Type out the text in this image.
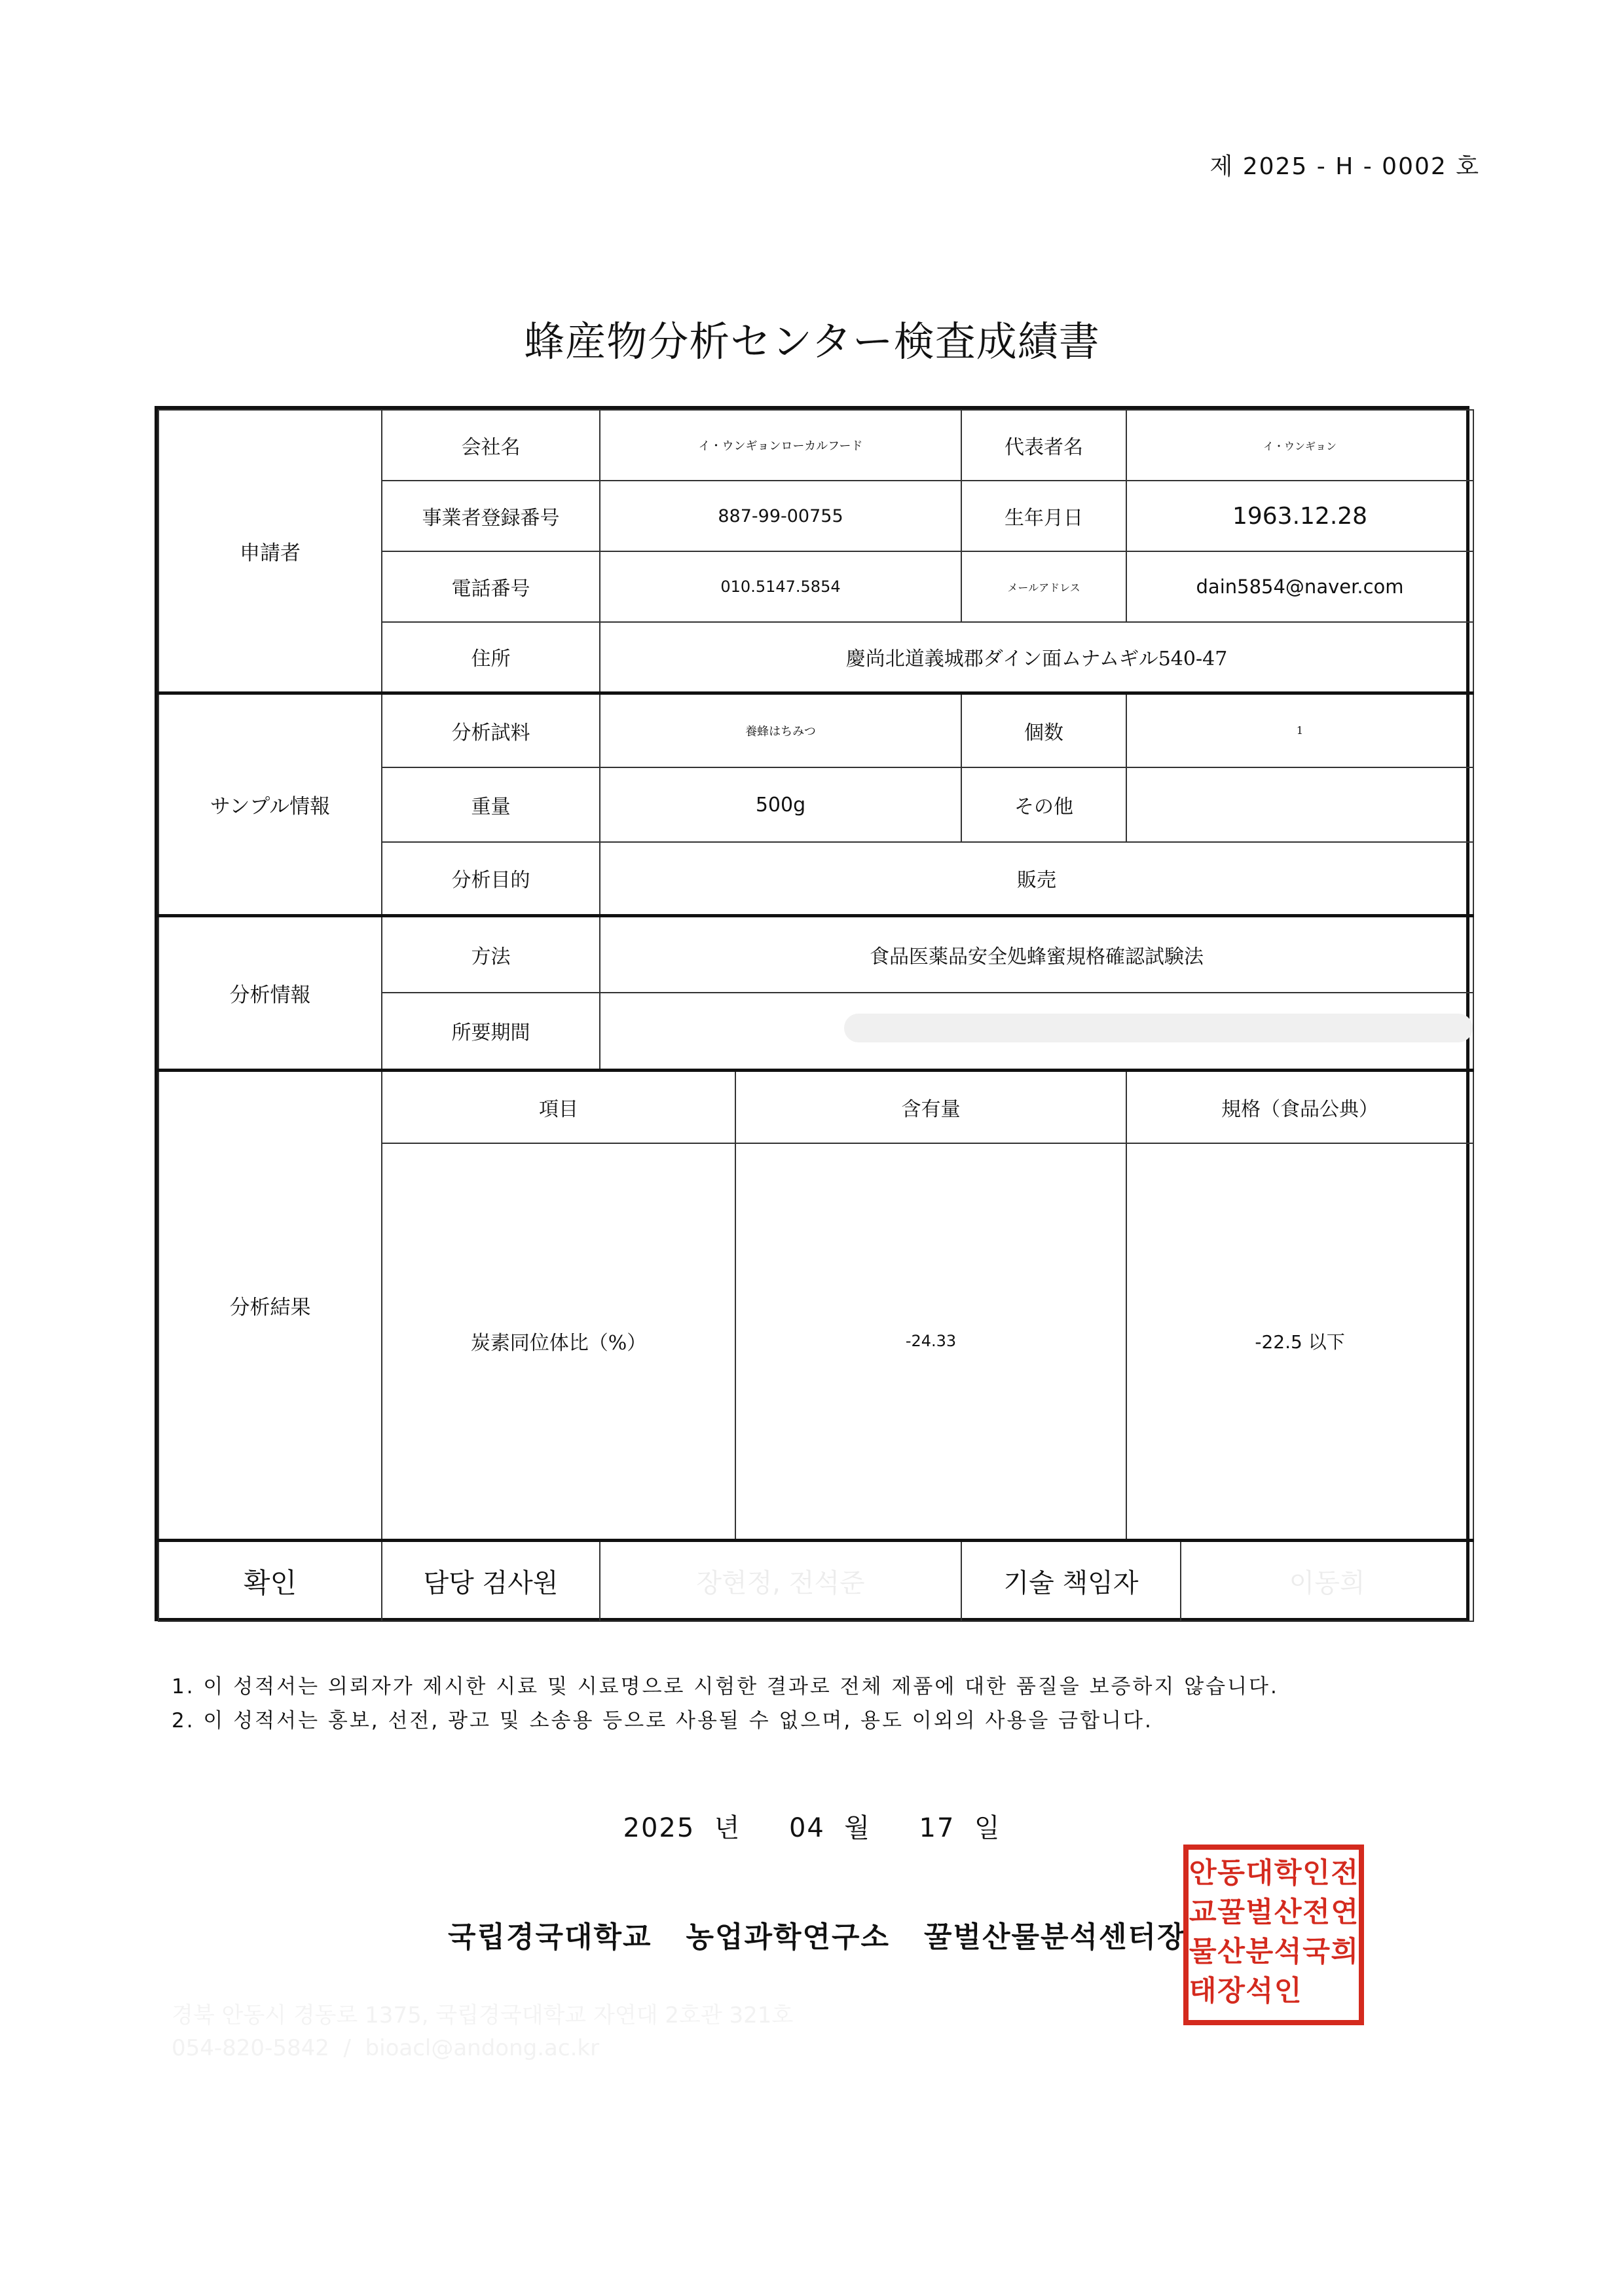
제 2025 - H - 0002 호
蜂産物分析センター検査成績書
申請者	会社名	イ・ウンギョンローカルフード		代表者名	イ・ウンギョン	
	事業者登録番号	887-99-00755		生年月日	1963.12.28	
	電話番号	010.5147.5854		メールアドレス	dain5854@naver.com	
	住所	慶尚北道義城郡ダイン面ムナムギル540-47				
サンプル情報	分析試料	養蜂はちみつ		個数	1	
	重量	500g		その他		
	分析目的	販売				
分析情報	方法	食品医薬品安全処蜂蜜規格確認試験法				
	所要期間					
分析結果	項目		含有量		規格（食品公典）	
	炭素同位体比（%）		-24.33		-22.5 以下	
확인	담당 검사원	장현정, 전석준		기술 책임자		이동희
1. 이 성적서는 의뢰자가 제시한 시료 및 시료명으로 시험한 결과로 전체 제품에 대한 품질을 보증하지 않습니다.
2. 이 성적서는 홍보, 선전, 광고 및 소송용 등으로 사용될 수 없으며, 용도 이외의 사용을 금합니다.
2025  년     04  월     17  일
국립경국대학교   농업과학연구소   꿀벌산물분석센터장
안
교
물
태
동
꿀
산
장
대
벌
분
석
학
산
석
인
인
전
국
전
연
희
경북 안동시 경동로 1375, 국립경국대학교 자연대 2호관 321호
054-820-5842  /  bioacl@andong.ac.kr
